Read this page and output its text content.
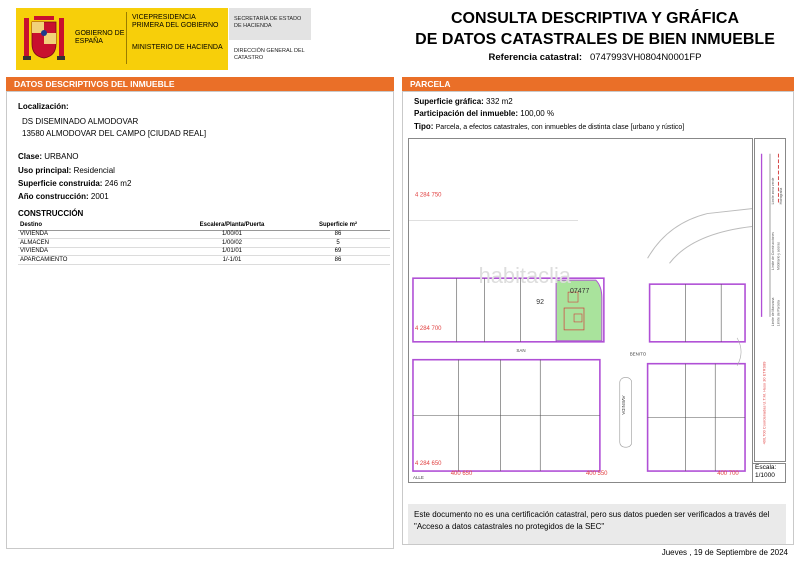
GOBIERNO DE ESPAÑA
VICEPRESIDENCIA PRIMERA DEL GOBIERNO
MINISTERIO DE HACIENDA
SECRETARÍA DE ESTADO DE HACIENDA
DIRECCIÓN GENERAL DEL CATASTRO
CONSULTA DESCRIPTIVA Y GRÁFICA
DE DATOS CATASTRALES DE BIEN INMUEBLE
Referencia catastral: 0747993VH0804N0001FP
DATOS DESCRIPTIVOS DEL INMUEBLE
Localización:
DS DISEMINADO ALMODOVAR
13580 ALMODOVAR DEL CAMPO [CIUDAD REAL]
Clase: URBANO
Uso principal: Residencial
Superficie construida: 246 m2
Año construcción: 2001
CONSTRUCCIÓN
Destino	Escalera/Planta/Puerta	Superficie m²
VIVIENDA	1/00/01	86
ALMACEN	1/00/02	5
VIVIENDA	1/01/01	69
APARCAMIENTO	1/-1/01	86
PARCELA
Superficie gráfica: 332 m2
Participación del inmueble: 100,00 %
Tipo: Parcela, a efectos catastrales, con inmuebles de distinta clase [urbano y rústico]
habitaclia
4 284 750
4 284 700
4 284 650
400 650	400 550	400 700
92
07477
SAN
BENITO
AVENIDA
ALLE
400,700 Coordenadas U.T.M. Huso 30 ETRS89
Límite de Manzana Límite de Parcela
Límite de Construcciones Mobiliario y aceras
Límite zona verde Hidrografía
Escala:
1/1000
Este documento no es una certificación catastral, pero sus datos pueden ser verificados a través del "Acceso a datos catastrales no protegidos de la SEC"
Jueves , 19 de Septiembre de 2024
